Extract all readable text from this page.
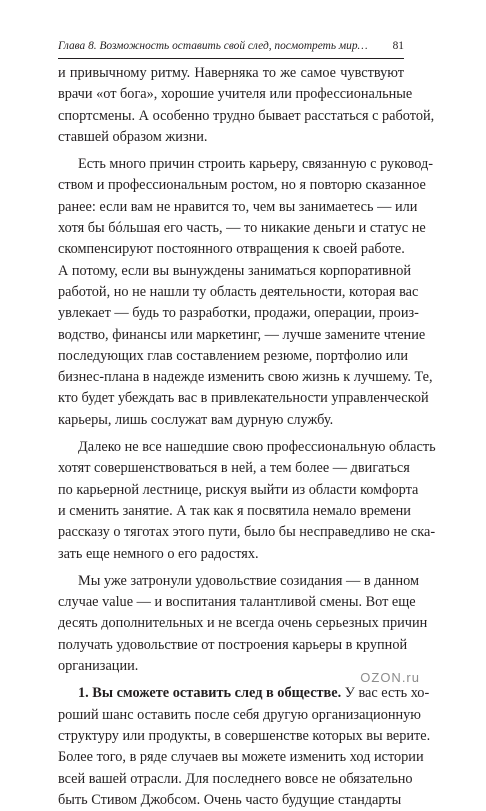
Глава 8. Возможность оставить свой след, посмотреть мир… 81
и привычному ритму. Наверняка то же самое чувствуют
врачи «от бога», хорошие учителя или профессиональные
спортсмены. А особенно трудно бывает расстаться с работой,
ставшей образом жизни.
Есть много причин строить карьеру, связанную с руковод-
ством и профессиональным ростом, но я повторю сказанное
ранее: если вам не нравится то, чем вы занимаетесь — или
хотя бы бóльшая его часть, — то никакие деньги и статус не
скомпенсируют постоянного отвращения к своей работе.
А потому, если вы вынуждены заниматься корпоративной
работой, но не нашли ту область деятельности, которая вас
увлекает — будь то разработки, продажи, операции, произ-
водство, финансы или маркетинг, — лучше замените чтение
последующих глав составлением резюме, портфолио или
бизнес-плана в надежде изменить свою жизнь к лучшему. Те,
кто будет убеждать вас в привлекательности управленческой
карьеры, лишь сослужат вам дурную службу.
Далеко не все нашедшие свою профессиональную область
хотят совершенствоваться в ней, а тем более — двигаться
по карьерной лестнице, рискуя выйти из области комфорта
и сменить занятие. А так как я посвятила немало времени
рассказу о тяготах этого пути, было бы несправедливо не ска-
зать еще немного о его радостях.
Мы уже затронули удовольствие созидания — в данном
случае value — и воспитания талантливой смены. Вот еще
десять дополнительных и не всегда очень серьезных причин
получать удовольствие от построения карьеры в крупной
организации.
1. Вы сможете оставить след в обществе. У вас есть хо-
роший шанс оставить после себя другую организационную
структуру или продукты, в совершенстве которых вы верите.
Более того, в ряде случаев вы можете изменить ход истории
всей вашей отрасли. Для последнего вовсе не обязательно
быть Стивом Джобсом. Очень часто будущие стандарты
OZON.ru
